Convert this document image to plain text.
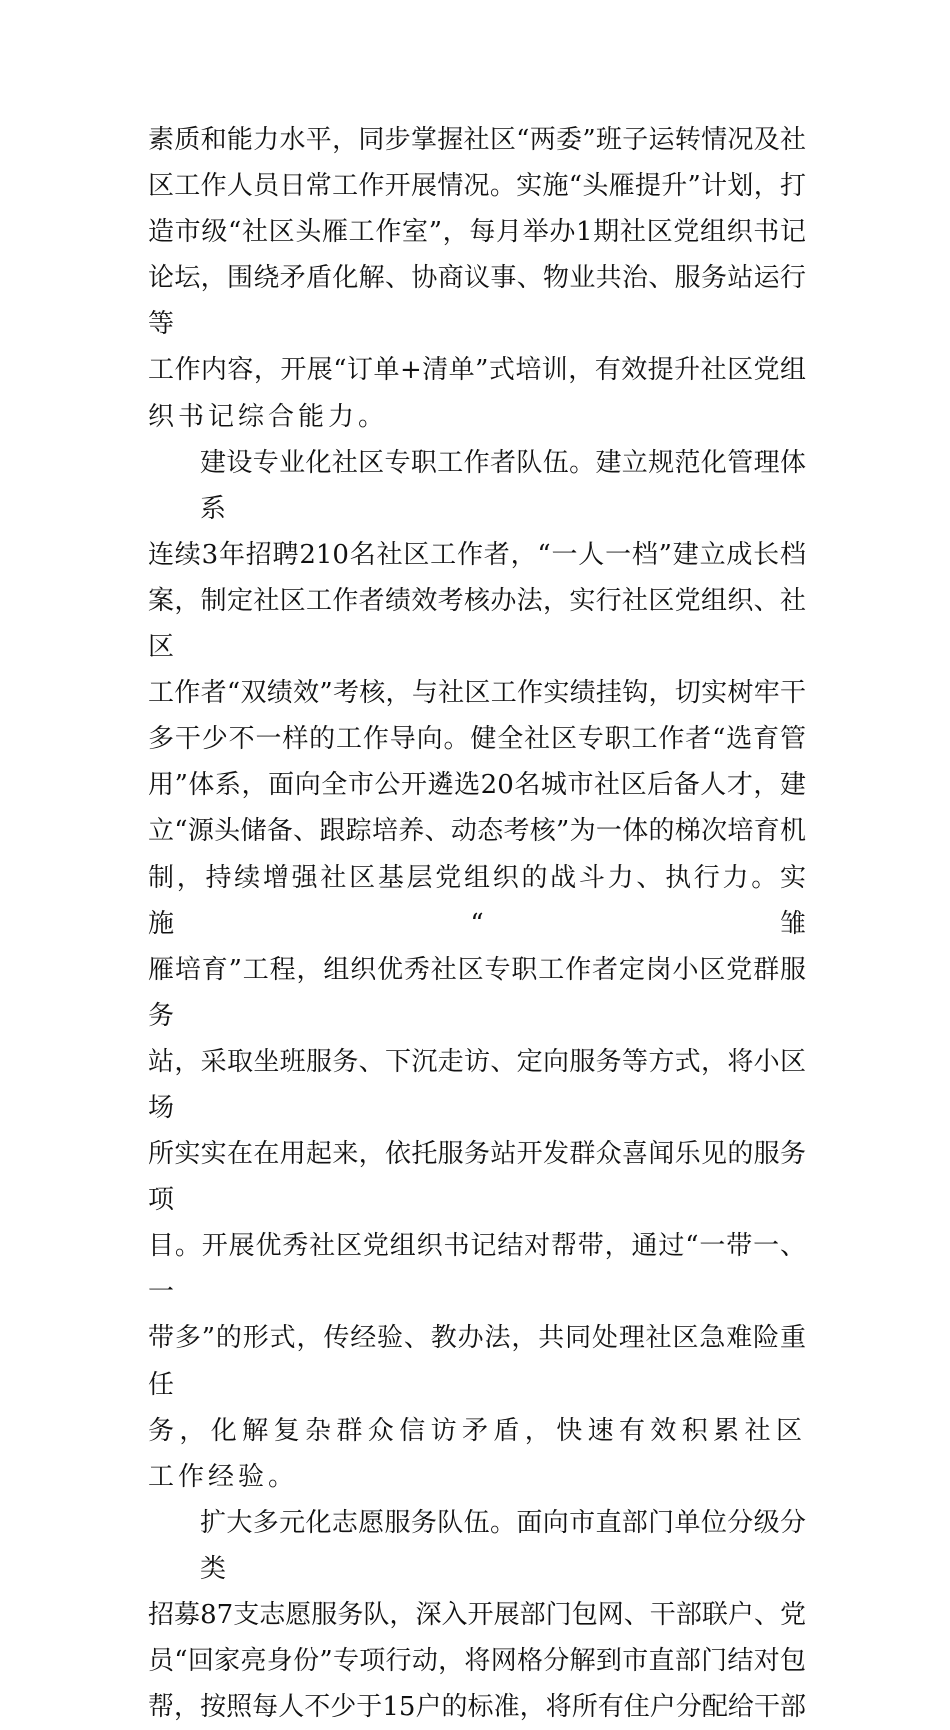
素质和能力水平，同步掌握社区“两委”班子运转情况及社
区工作人员日常工作开展情况。实施“头雁提升”计划，打
造市级“社区头雁工作室”，每月举办1期社区党组织书记
论坛，围绕矛盾化解、协商议事、物业共治、服务站运行等
工作内容，开展“订单+清单”式培训，有效提升社区党组
织书记综合能力。
建设专业化社区专职工作者队伍。建立规范化管理体系
连续3年招聘210名社区工作者，“一人一档”建立成长档
案，制定社区工作者绩效考核办法，实行社区党组织、社区
工作者“双绩效”考核，与社区工作实绩挂钩，切实树牢干
多干少不一样的工作导向。健全社区专职工作者“选育管
用”体系，面向全市公开遴选20名城市社区后备人才，建
立“源头储备、跟踪培养、动态考核”为一体的梯次培育机
制，持续增强社区基层党组织的战斗力、执行力。实施“雏
雁培育”工程，组织优秀社区专职工作者定岗小区党群服务
站，采取坐班服务、下沉走访、定向服务等方式，将小区场
所实实在在用起来，依托服务站开发群众喜闻乐见的服务项
目。开展优秀社区党组织书记结对帮带，通过“一带一、一
带多”的形式，传经验、教办法，共同处理社区急难险重任
务，化解复杂群众信访矛盾，快速有效积累社区工作经验。
扩大多元化志愿服务队伍。面向市直部门单位分级分类
招募87支志愿服务队，深入开展部门包网、干部联户、党
员“回家亮身份”专项行动，将网格分解到市直部门结对包
帮，按照每人不少于15户的标准，将所有住户分配给干部
